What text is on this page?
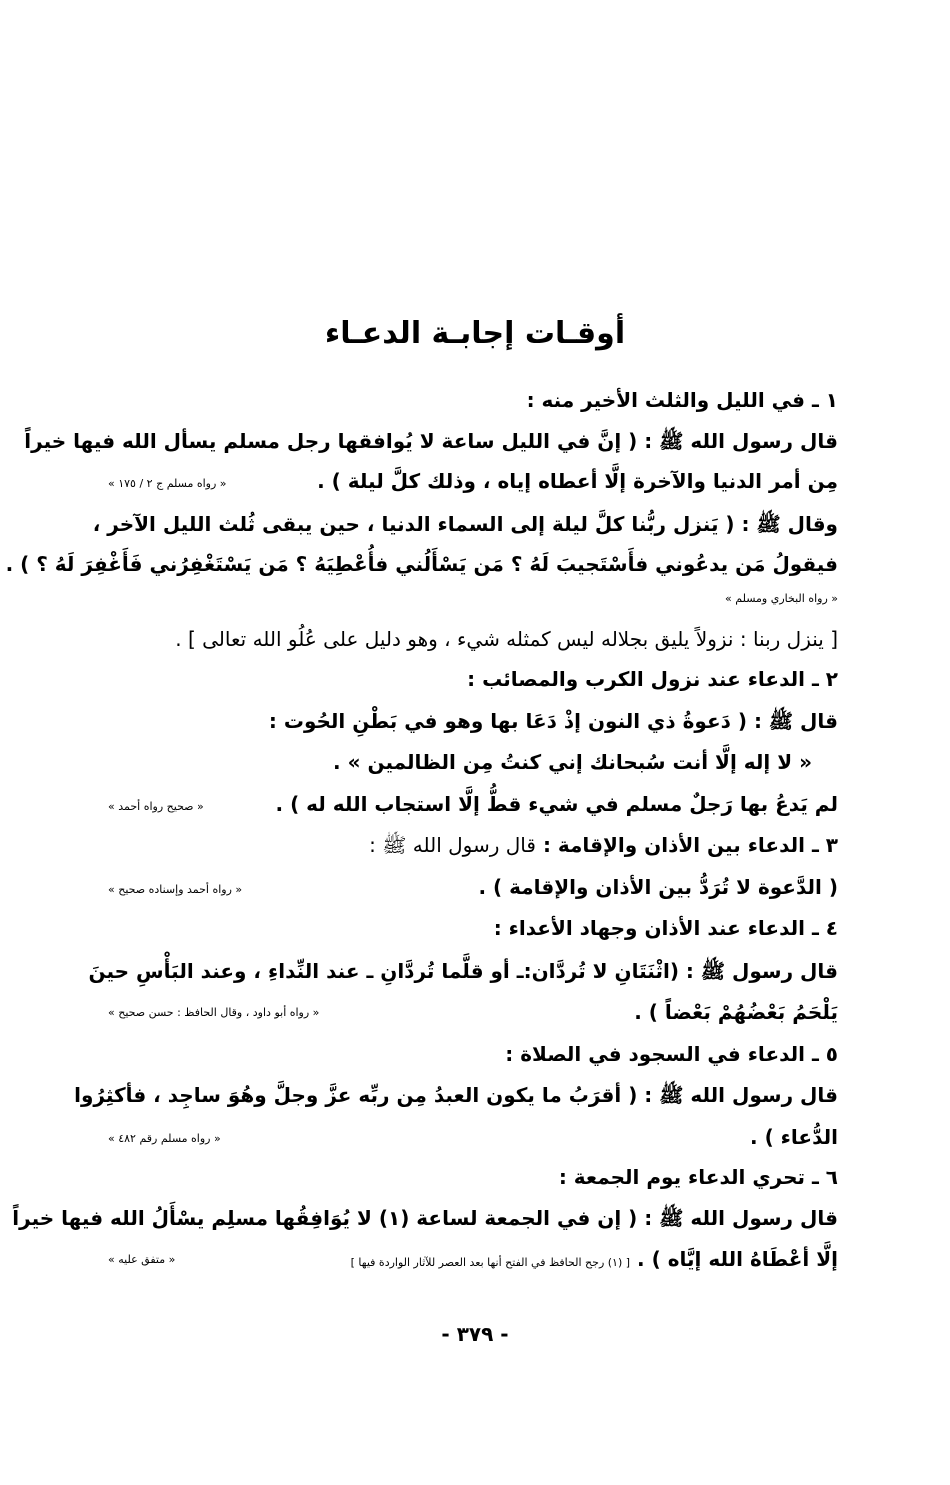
أوقـات إجابـة الدعـاء
١ ـ في الليل والثلث الأخير منه :
قال رسول الله ﷺ : ( إنَّ في الليل ساعة لا يُوافقها رجل مسلم يسأل الله فيها خيراً
مِن أمر الدنيا والآخرة إلَّا أعطاه إياه ، وذلك كلَّ ليلة ) .
« رواه مسلم ج ٢ / ١٧٥ »
وقال ﷺ : ( يَنزل ربُّنا كلَّ ليلة إلى السماء الدنيا ، حين يبقى ثُلث الليل الآخر ،
فيقولُ مَن يدعُوني فأَسْتَجيبَ لَهُ ؟ مَن يَسْأَلُني فأُعْطِيَهُ ؟ مَن يَسْتَغْفِرُني فَأَغْفِرَ لَهُ ؟ ) .
« رواه البخاري ومسلم »
[ ينزل ربنا : نزولاً يليق بجلاله ليس كمثله شيء ، وهو دليل على عُلُو الله تعالى ] .
٢ ـ الدعاء عند نزول الكرب والمصائب :
قال ﷺ : ( دَعوةُ ذي النون إذْ دَعَا بها وهو في بَطْنِ الحُوت :
« لا إله إلَّا أنت سُبحانك إني كنتُ مِن الظالمين » .
لم يَدعُ بها رَجلٌ مسلم في شيء قطُّ إلَّا استجاب الله له ) .
« صحيح رواه أحمد »
٣ ـ الدعاء بين الأذان والإقامة : قال رسول الله ﷺ :
( الدَّعوة لا تُرَدُّ بين الأذان والإقامة ) .
« رواه أحمد وإسناده صحيح »
٤ ـ الدعاء عند الأذان وجهاد الأعداء :
قال رسول ﷺ : (اثْنَتَانِ لا تُردَّان:ـ أو قلَّما تُردَّانِ ـ عند النِّداءِ ، وعند البَأْسِ حينَ
يَلْحَمُ بَعْضُهُمْ بَعْضاً ) .
« رواه أبو داود ، وقال الحافظ : حسن صحيح »
٥ ـ الدعاء في السجود في الصلاة :
قال رسول الله ﷺ : ( أقرَبُ ما يكون العبدُ مِن ربِّه عزَّ وجلَّ وهُوَ ساجِد ، فأكثِرُوا
الدُّعاء ) .
« رواه مسلم رقم ٤٨٢ »
٦ ـ تحري الدعاء يوم الجمعة :
قال رسول الله ﷺ : ( إن في الجمعة لساعة (١) لا يُوَافِقُها مسلِم يسْأَلُ الله فيها خيراً
إلَّا أعْطَاهُ الله إيَّاه ) . [ (١) رجح الحافظ في الفتح أنها بعد العصر للآثار الواردة فيها ]
« متفق عليه »
- ٣٧٩ -
